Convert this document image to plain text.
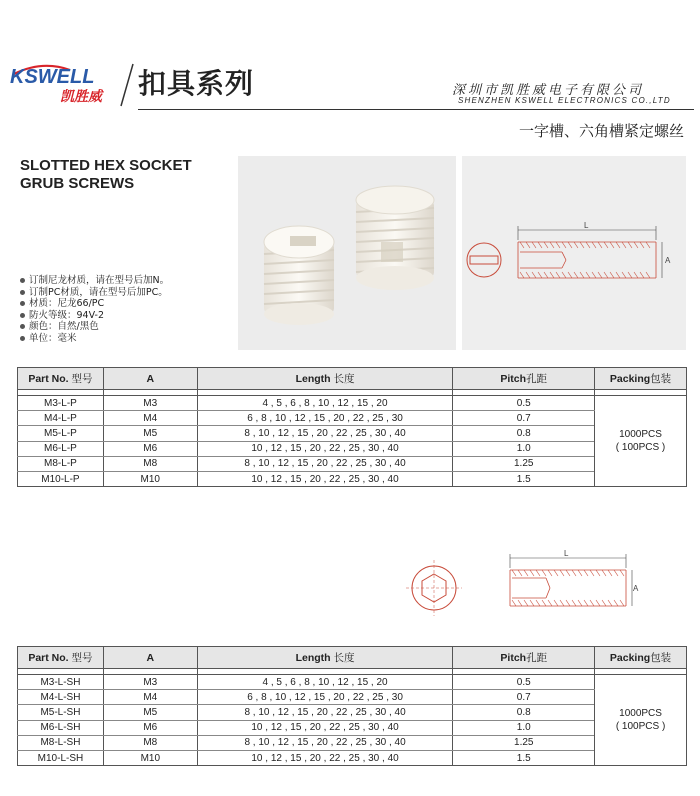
KSWELL
凯胜威 扣具系列	深圳市凯胜威电子有限公司
SHENZHEN KSWELL ELECTRONICS CO.,LTD
一字槽、六角槽紧定螺丝
SLOTTED HEX SOCKET
GRUB SCREWS
L
A
订制尼龙材质，请在型号后加N。
订制PC材质，请在型号后加PC。
材质：尼龙66/PC
防火等级：94V-2
颜色：自然/黑色
单位：毫米
Part No. 型号	A	Length 长度	Pitch孔距	Packing包装

M3-L-P	M3	4 , 5 , 6 , 8 , 10 , 12 , 15 , 20	0.5	1000PCS
( 100PCS )

M4-L-P	M4	6 , 8 , 10 , 12 , 15 , 20 , 22 , 25 , 30	0.7	
M5-L-P	M5	8 , 10 , 12 , 15 , 20 , 22 , 25 , 30 , 40	0.8	
M6-L-P	M6	10 , 12 , 15 , 20 , 22 , 25 , 30 , 40	1.0	
M8-L-P	M8	8 , 10 , 12 , 15 , 20 , 22 , 25 , 30 , 40	1.25	
M10-L-P	M10	10 , 12 , 15 , 20 , 22 , 25 , 30 , 40	1.5	
L
A
Part No. 型号	A	Length 长度	Pitch孔距	Packing包装

M3-L-SH	M3	4 , 5 , 6 , 8 , 10 , 12 , 15 , 20	0.5	1000PCS
( 100PCS )

M4-L-SH	M4	6 , 8 , 10 , 12 , 15 , 20 , 22 , 25 , 30	0.7	
M5-L-SH	M5	8 , 10 , 12 , 15 , 20 , 22 , 25 , 30 , 40	0.8	
M6-L-SH	M6	10 , 12 , 15 , 20 , 22 , 25 , 30 , 40	1.0	
M8-L-SH	M8	8 , 10 , 12 , 15 , 20 , 22 , 25 , 30 , 40	1.25	
M10-L-SH	M10	10 , 12 , 15 , 20 , 22 , 25 , 30 , 40	1.5	
